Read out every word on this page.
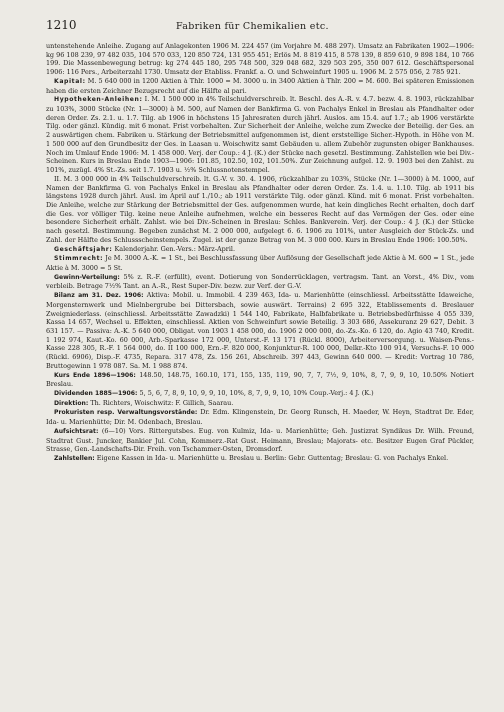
1210	Fabriken für Chemikalien etc.

untenstehende Anleihe. Zugang auf Anlagekonten 1906 M. 224 457 (im Vorjahre M. 488 297). Umsatz an Fabrikaten 1902—1906: kg 96 108 239, 97 482 035, 104 570 033, 120 850 724, 131 955 451; Erlös M. 8 819 415, 8 578 139, 8 859 610, 9 898 184, 10 766 199. Die Massenbewegung betrug: kg 274 445 180, 295 748 500, 329 048 682, 329 503 295, 350 007 612. Geschäftspersonal 1906: 116 Pers., Arbeiterzahl 1730. Umsatz der Etabliss. Frankf. a. O. und Schweinfurt 1905 u. 1906 M. 2 575 056, 2 785 921.

Kapital: M. 5 640 000 in 1200 Aktien à Thlr. 1000 = M. 3000 u. in 3400 Aktien à Thlr. 200 = M. 600. Bei späteren Emissionen haben die ersten Zeichner Bezugsrecht auf die Hälfte al pari.

Hypotheken-Anleihen: I. M. 1 500 000 in 4% Teilschuldverschreib. lt. Beschl. des A.-R. v. 4.7. bezw. 4. 8. 1903, rückzahlbar zu 103%, 3000 Stücke (Nr. 1—3000) à M. 500, auf Namen der Bankfirma G. von Pachalys Enkel in Breslau als Pfandhalter oder deren Order. Zs. 2.1. u. 1.7. Tilg. ab 1906 in höchstens 15 Jahresraten durch jährl. Auslos. am 15.4. auf 1.7.; ab 1906 verstärkte Tilg. oder gänzl. Kündig. mit 6 monat. Frist vorbehalten. Zur Sicherheit der Anleihe, welche zum Zwecke der Beteilig. der Ges. an 2 auswärtigen chem. Fabriken u. Stärkung der Betriebsmittel aufgenommen ist, dient erststellige Sicher.-Hypoth. in Höhe von M. 1 500 000 auf den Grundbesitz der Ges. in Laasan u. Woischwitz samt Gebäuden u. allem Zubehör zugunsten obiger Bankhauses. Noch im Umlauf Ende 1906: M. 1 458 000. Verj. der Coup.: 4 J. (K.) der Stücke nach gesetzl. Bestimmung. Zahlstellen wie bei Div.-Scheinen. Kurs in Breslau Ende 1903—1906: 101.85, 102.50, 102, 101.50%. Zur Zeichnung aufgel. 12. 9. 1903 bei den Zahlst. zu 101%, zuzügl. 4% St.-Zs. seit 1.7. 1903 u. ½% Schlussnotenstempel.

II. M. 3 000 000 in 4% Teilschuldverschreib. lt. G.-V. v. 30. 4. 1906, rückzahlbar zu 103%, Stücke (Nr. 1—3000) à M. 1000, auf Namen der Bankfirma G. von Pachalys Enkel in Breslau als Pfandhalter oder deren Order. Zs. 1.4. u. 1.10. Tilg. ab 1911 bis längstens 1928 durch jährl. Ausl. im April auf 1./10.; ab 1911 verstärkte Tilg. oder gänzl. Künd. mit 6 monat. Frist vorbehalten. Die Anleihe, welche zur Stärkung der Betriebsmittel der Ges. aufgenommen wurde, hat kein dingliches Recht erhalten, doch darf die Ges. vor völliger Tilg. keine neue Anleihe aufnehmen, welche ein besseres Recht auf das Vermögen der Ges. oder eine besondere Sicherheit erhält. Zahlst. wie bei Div.-Scheinen in Breslau: Schles. Bankverein. Verj. der Coup.: 4 J. (K.) der Stücke nach gesetzl. Bestimmung. Begeben zunächst M. 2 000 000, aufgelegt 6. 6. 1906 zu 101%, unter Ausgleich der Stück-Zs. und Zahl. der Hälfte des Schlussscheinstempels. Zugel. ist der ganze Betrag von M. 3 000 000. Kurs in Breslau Ende 1906: 100.50%.

Geschäftsjahr: Kalenderjahr. Gen.-Vers.: März-April.

Stimmrecht: Je M. 3000 A.-K. = 1 St., bei Beschlussfassung über Auflösung der Gesellschaft jede Aktie à M. 600 = 1 St., jede Aktie à M. 3000 = 5 St.

Gewinn-Verteilung: 5% z. R.-F. (erfüllt), event. Dotierung von Sonderrücklagen, vertragsm. Tant. an Vorst., 4% Div., vom verbleib. Betrage 7½% Tant. an A.-R., Rest Super-Div. bezw. zur Verf. der G.-V.

Bilanz am 31. Dez. 1906: Aktiva: Mobil. u. Immobil. 4 239 463, Ida- u. Marienhütte (einschliessl. Arbeitsstätte Idaweiche, Morgensternwerk und Mielnbergrube bei Dittersbach, sowie auswärt. Terrains) 2 695 322, Etablissements d. Breslauer Zweigniederlass. (einschliessl. Arbeitsstätte Zawadzki) 1 544 140, Fabrikate, Halbfabrikate u. Betriebsbedürfnisse 4 055 339, Kassa 14 657, Wechsel u. Effekten, einschliessl. Aktien von Schweinfurt sowie Beteilig. 3 303 686, Assekuranz 29 627, Debit. 3 631 157. — Passiva: A.-K. 5 640 000, Obligat. von 1903 1 458 000, do. 1906 2 000 000, do.-Zs.-Ko. 6 120, do. Agio 43 740, Kredit. 1 192 974, Kaut.-Ko. 60 000, Arb.-Sparkasse 172 000, Unterst.-F. 13 171 (Rückl. 8000), Arbeiterversorgung. u. Waisen-Pens.-Kasse 228 305, R.-F. 1 564 000, do. II 100 000, Ern.-F. 820 000, Konjunktur-R. 100 000, Delkr.-Kto 100 914, Versuchs-F. 10 000 (Rückl. 6906), Disp.-F. 4735, Repara. 317 478, Zs. 156 261, Abschreib. 397 443, Gewinn 640 000. — Kredit: Vortrag 10 786, Bruttogewinn 1 978 087. Sa. M. 1 988 874.

Kurs Ende 1896—1906: 148.50, 148.75, 160.10, 171, 155, 135, 119, 90, 7, 7, 7½, 9, 10%, 8, 7, 9, 9, 10, 10.50% Notiert Breslau.

Dividenden 1885—1906: 5, 5, 6, 7, 8, 9, 10, 9, 9, 10, 10%, 8, 7, 9, 9, 10, 10% Coup.-Verj.: 4 J. (K.)

Direktion: Th. Richters, Woischwitz: F. Gillich, Saarau.

Prokuristen resp. Verwaltungsvorstände: Dr. Edm. Klingenstein, Dr. Georg Runsch, H. Maeder, W. Heyn, Stadtrat Dr. Eder, Ida- u. Marienhütte; Dir. M. Odenbach, Breslau.

Aufsichtsrat: (6—10) Vors. Rittergutsbes. Eug. von Kulmiz, Ida- u. Marienhütte; Geh. Justizrat Syndikus Dr. Wilh. Freund, Stadtrat Gust. Juncker, Bankier Jul. Cohn, Kommerz.-Rat Gust. Heimann, Breslau; Majorats- etc. Besitzer Eugen Graf Pückler, Strasse, Gen.-Landschafts-Dir. Freih. von Tschammer-Osten, Dromsdorf.

Zahlstellen: Eigene Kassen in Ida- u. Marienhütte u. Breslau u. Berlin: Gebr. Guttentag; Breslau: G. von Pachalys Enkel.
